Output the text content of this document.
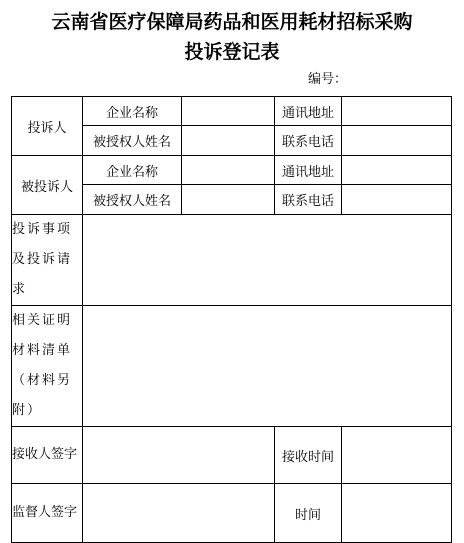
云南省医疗保障局药品和医用耗材招标采购
投诉登记表
编号：
投诉人	企业名称		通讯地址	
	被授权人姓名		联系电话	
被投诉人	企业名称		通讯地址	
	被授权人姓名		联系电话	
投诉事项及投诉请求				
相关证明材料清单（材料另附）				
接收人签字			接收时间	
监督人签字			时间	
